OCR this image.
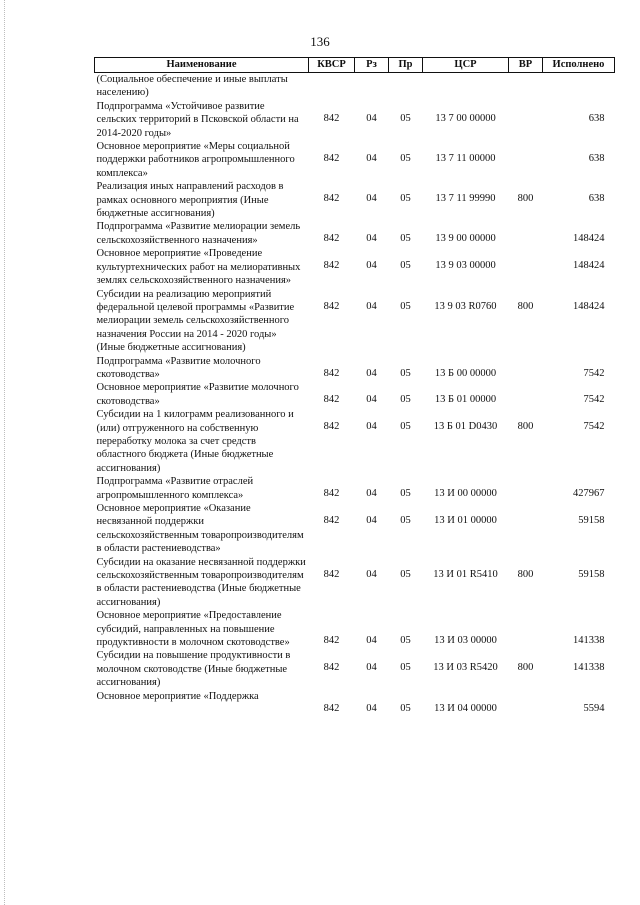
136
Наименование	КВСР	Рз	Пр	ЦСР	ВР	Исполнено
(Социальное обеспечение и иные выплаты населению)						
Подпрограмма «Устойчивое развитие сельских территорий в Псковской области на 2014-2020 годы»	842	04	05	13 7 00 00000		638
Основное мероприятие «Меры социальной поддержки работников агропромышленного комплекса»	842	04	05	13 7 11 00000		638
Реализация иных направлений расходов в рамках основного мероприятия (Иные бюджетные ассигнования)	842	04	05	13 7 11 99990	800	638
Подпрограмма «Развитие мелиорации земель сельскохозяйственного назначения»	842	04	05	13 9 00 00000		148424
Основное мероприятие «Проведение культуртехнических работ на мелиоративных землях сельскохозяйственного назначения»	842	04	05	13 9 03 00000		148424
Субсидии на реализацию мероприятий федеральной целевой программы «Развитие мелиорации земель сельскохозяйственного назначения России на 2014 - 2020 годы» (Иные бюджетные ассигнования)	842	04	05	13 9 03 R0760	800	148424
Подпрограмма «Развитие молочного скотоводства»	842	04	05	13 Б 00 00000		7542
Основное мероприятие «Развитие молочного скотоводства»	842	04	05	13 Б 01 00000		7542
Субсидии на 1 килограмм реализованного и (или) отгруженного на собственную переработку молока за счет средств областного бюджета (Иные бюджетные ассигнования)	842	04	05	13 Б 01 D0430	800	7542
Подпрограмма «Развитие отраслей агропромышленного комплекса»	842	04	05	13 И 00 00000		427967
Основное мероприятие «Оказание несвязанной поддержки сельскохозяйственным товаропроизводителям в области растениеводства»	842	04	05	13 И 01 00000		59158
Субсидии на оказание несвязанной поддержки сельскохозяйственным товаропроизводителям в области растениеводства (Иные бюджетные ассигнования)	842	04	05	13 И 01 R5410	800	59158
Основное мероприятие «Предоставление субсидий, направленных на повышение продуктивности в молочном скотоводстве»	842	04	05	13 И 03 00000		141338
Субсидии на повышение продуктивности в молочном скотоводстве (Иные бюджетные ассигнования)	842	04	05	13 И 03 R5420	800	141338
Основное мероприятие «Поддержка	842	04	05	13 И 04 00000		5594
